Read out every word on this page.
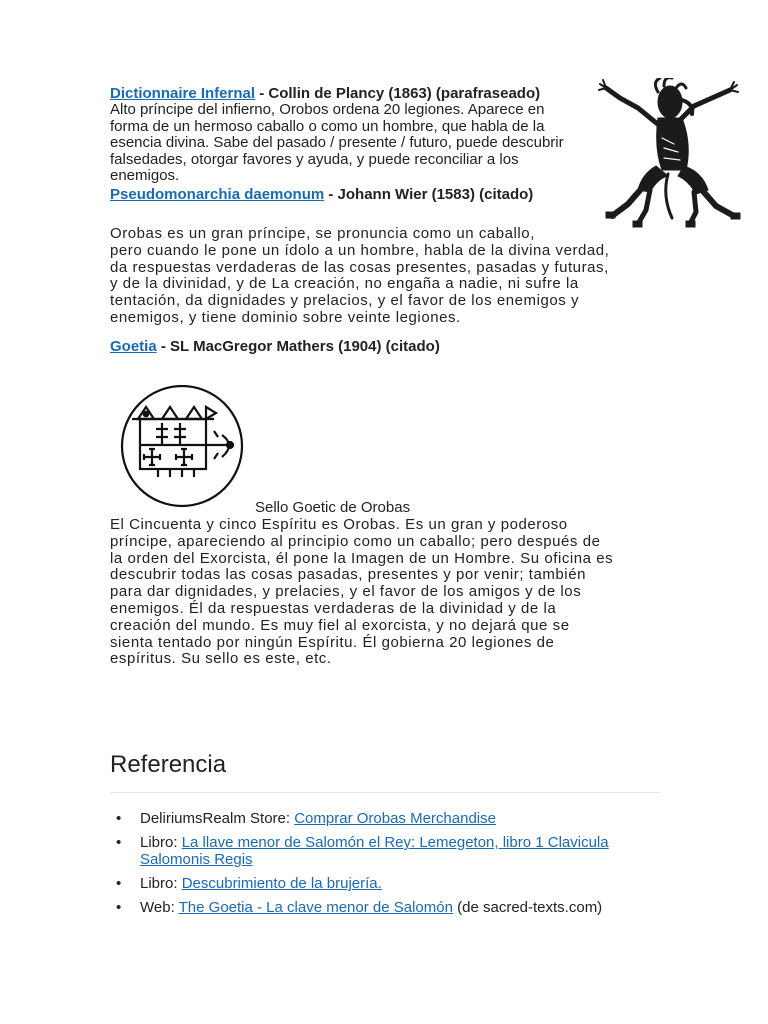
Dictionnaire Infernal - Collin de Plancy (1863) (parafraseado)
Alto príncipe del infierno, Orobos ordena 20 legiones. Aparece en
forma de un hermoso caballo o como un hombre, que habla de la
esencia divina. Sabe del pasado / presente / futuro, puede descubrir
falsedades, otorgar favores y ayuda, y puede reconciliar a los
enemigos.
Pseudomonarchia daemonum - Johann Wier (1583) (citado)
Orobas es un gran príncipe, se pronuncia como un caballo,
pero cuando le pone un ídolo a un hombre, habla de la divina verdad,
da respuestas verdaderas de las cosas presentes, pasadas y futuras,
y de la divinidad, y de La creación, no engaña a nadie, ni sufre la
tentación, da dignidades y prelacios, y el favor de los enemigos y
enemigos, y tiene dominio sobre veinte legiones.
Goetia - SL MacGregor Mathers (1904) (citado)
Sello Goetic de Orobas
El Cincuenta y cinco Espíritu es Orobas. Es un gran y poderoso
príncipe, apareciendo al principio como un caballo; pero después de
la orden del Exorcista, él pone la Imagen de un Hombre. Su oficina es
descubrir todas las cosas pasadas, presentes y por venir; también
para dar dignidades, y prelacies, y el favor de los amigos y de los
enemigos. Él da respuestas verdaderas de la divinidad y de la
creación del mundo. Es muy fiel al exorcista, y no dejará que se
sienta tentado por ningún Espíritu. Él gobierna 20 legiones de
espíritus. Su sello es este, etc.
Referencia
• DeliriumsRealm Store: Comprar Orobas Merchandise
• Libro: La llave menor de Salomón el Rey: Lemegeton, libro 1 Clavicula Salomonis Regis
• Libro: Descubrimiento de la brujería.
• Web: The Goetia - La clave menor de Salomón (de sacred-texts.com)
